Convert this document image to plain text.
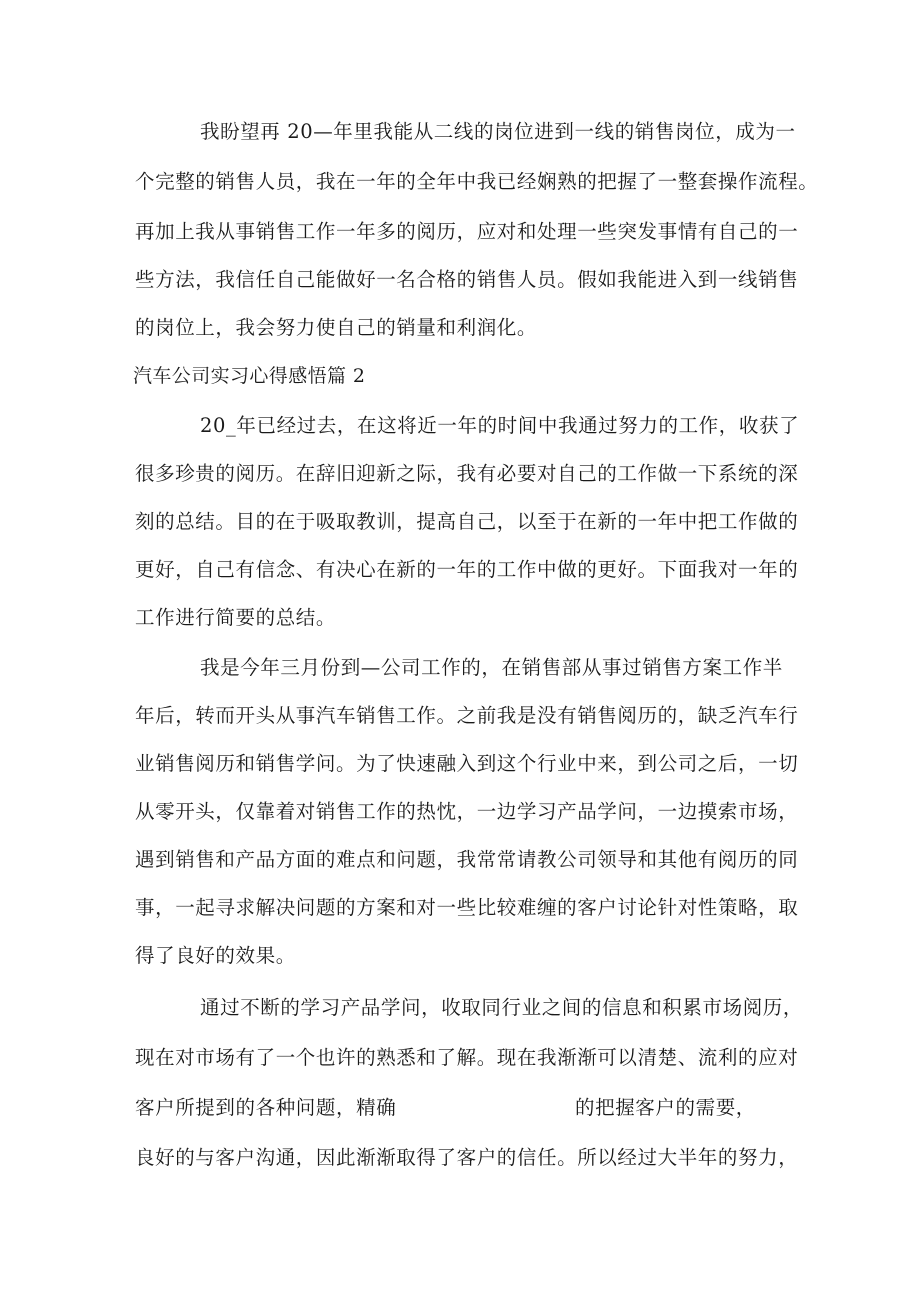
我盼望再 20—年里我能从二线的岗位进到一线的销售岗位，成为一
个完整的销售人员，我在一年的全年中我已经娴熟的把握了一整套操作流程。
再加上我从事销售工作一年多的阅历，应对和处理一些突发事情有自己的一
些方法，我信任自己能做好一名合格的销售人员。假如我能进入到一线销售
的岗位上，我会努力使自己的销量和利润化。
汽车公司实习心得感悟篇 2
20_年已经过去，在这将近一年的时间中我通过努力的工作，收获了
很多珍贵的阅历。在辞旧迎新之际，我有必要对自己的工作做一下系统的深
刻的总结。目的在于吸取教训，提高自己，以至于在新的一年中把工作做的
更好，自己有信念、有决心在新的一年的工作中做的更好。下面我对一年的
工作进行简要的总结。
我是今年三月份到—公司工作的，在销售部从事过销售方案工作半
年后，转而开头从事汽车销售工作。之前我是没有销售阅历的，缺乏汽车行
业销售阅历和销售学问。为了快速融入到这个行业中来，到公司之后，一切
从零开头，仅靠着对销售工作的热忱，一边学习产品学问，一边摸索市场，
遇到销售和产品方面的难点和问题，我常常请教公司领导和其他有阅历的同
事，一起寻求解决问题的方案和对一些比较难缠的客户讨论针对性策略，取
得了良好的效果。
通过不断的学习产品学问，收取同行业之间的信息和积累市场阅历，
现在对市场有了一个也许的熟悉和了解。现在我渐渐可以清楚、流利的应对
客户所提到的各种问题，精确	的把握客户的需要，
良好的与客户沟通，因此渐渐取得了客户的信任。所以经过大半年的努力，
